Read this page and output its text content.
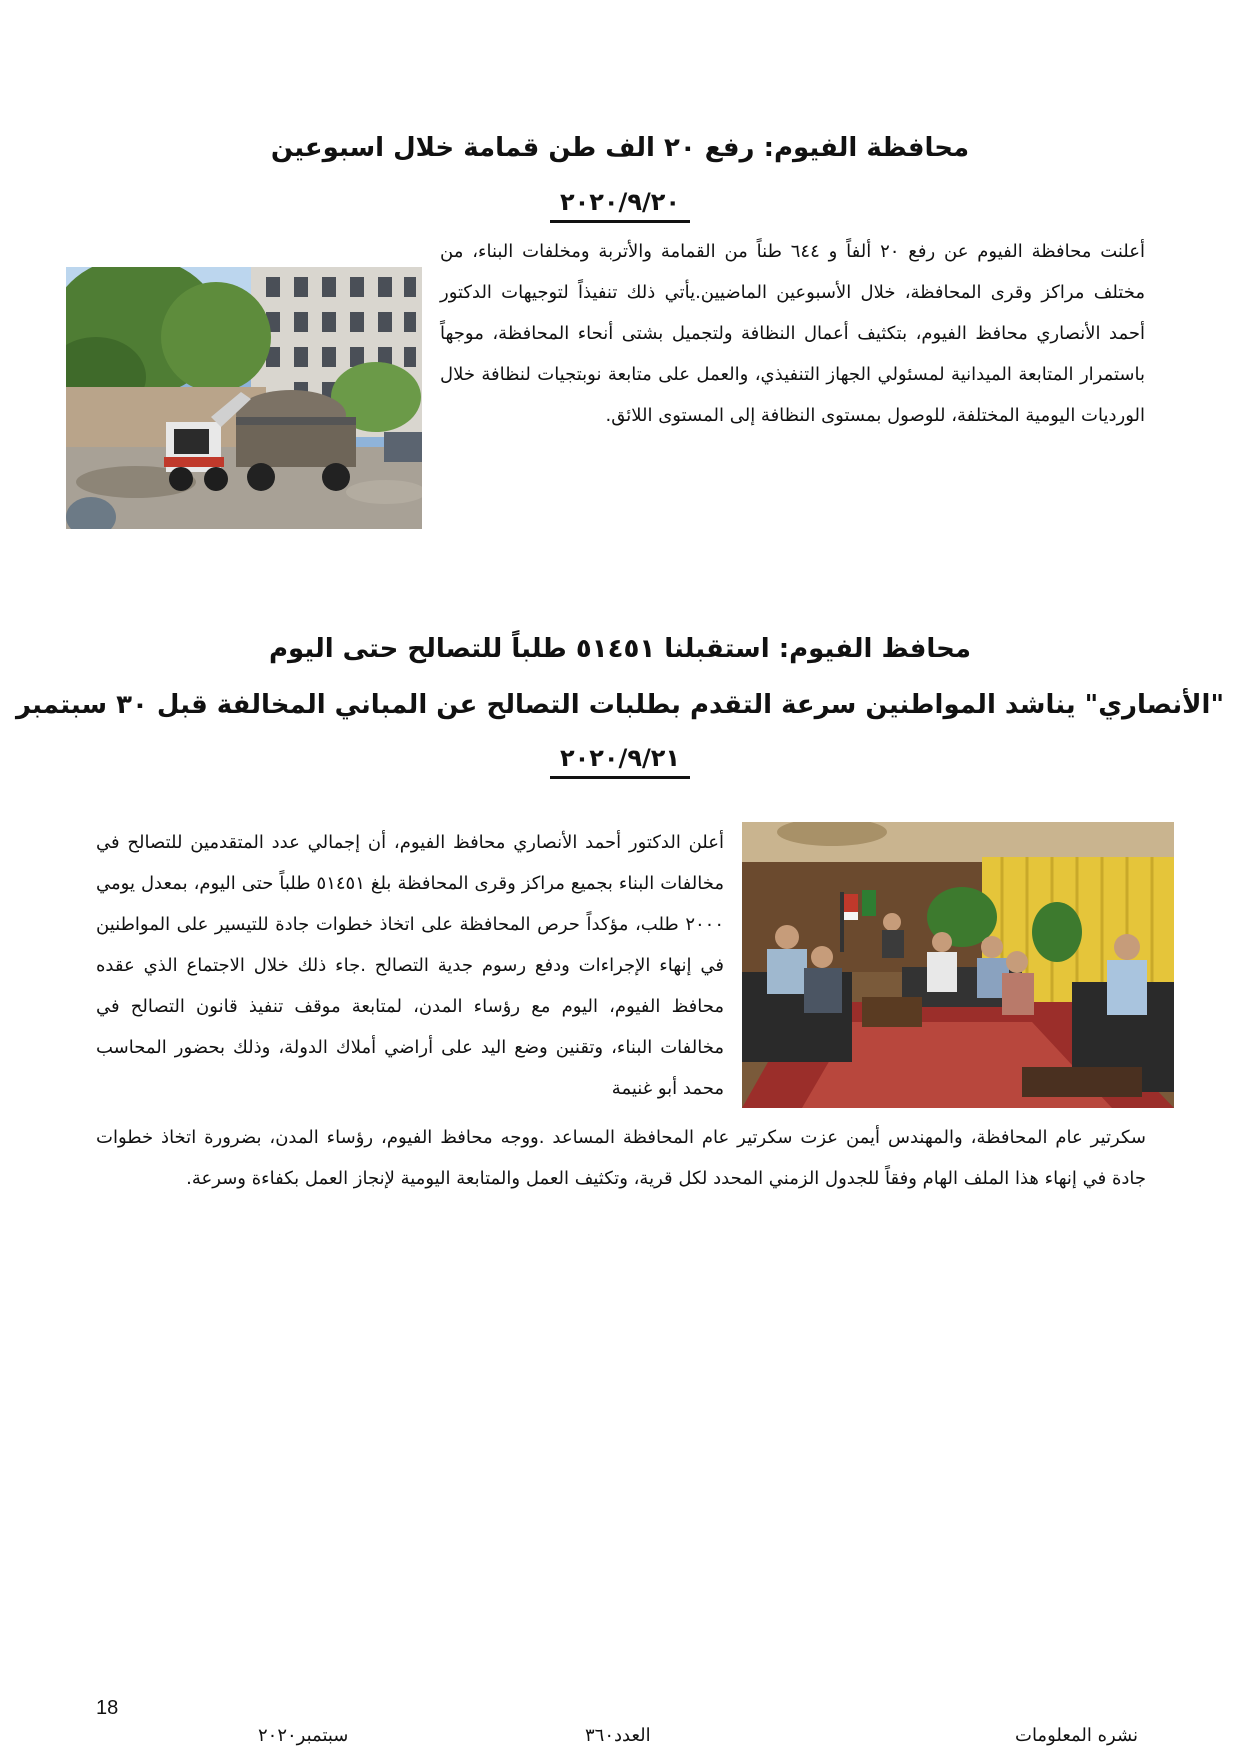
محافظة الفيوم: رفع ٢٠ الف طن قمامة خلال اسبوعين
٢٠٢٠/٩/٢٠
أعلنت محافظة الفيوم عن رفع ٢٠ ألفاً و ٦٤٤ طناً من القمامة والأتربة ومخلفات البناء، من مختلف مراكز وقرى المحافظة، خلال الأسبوعين الماضيين.يأتي ذلك تنفيذاً لتوجيهات الدكتور أحمد الأنصاري محافظ الفيوم، بتكثيف أعمال النظافة ولتجميل بشتى أنحاء المحافظة، موجهاً باستمرار المتابعة الميدانية لمسئولي الجهاز التنفيذي، والعمل على متابعة نوبتجيات لنظافة خلال الورديات اليومية المختلفة، للوصول بمستوى النظافة إلى المستوى اللائق.
محافظ الفيوم: استقبلنا ٥١٤٥١ طلباً للتصالح حتى اليوم
"الأنصاري" يناشد المواطنين سرعة التقدم بطلبات التصالح عن المباني المخالفة قبل ٣٠ سبتمبر
٢٠٢٠/٩/٢١
أعلن الدكتور أحمد الأنصاري محافظ الفيوم، أن إجمالي عدد المتقدمين للتصالح في مخالفات البناء بجميع مراكز وقرى المحافظة بلغ ٥١٤٥١ طلباً حتى اليوم، بمعدل يومي ٢٠٠٠ طلب، مؤكداً حرص المحافظة على اتخاذ خطوات جادة للتيسير على المواطنين في إنهاء الإجراءات ودفع رسوم جدية التصالح .جاء ذلك خلال الاجتماع الذي عقده محافظ الفيوم، اليوم مع رؤساء المدن، لمتابعة موقف تنفيذ قانون التصالح في مخالفات البناء، وتقنين وضع اليد على أراضي أملاك الدولة، وذلك بحضور المحاسب محمد أبو غنيمة
سكرتير عام المحافظة، والمهندس أيمن عزت سكرتير عام المحافظة المساعد .ووجه محافظ الفيوم، رؤساء المدن، بضرورة اتخاذ خطوات جادة في إنهاء هذا الملف الهام وفقاً للجدول الزمني المحدد لكل قرية، وتكثيف العمل والمتابعة اليومية لإنجاز العمل بكفاءة وسرعة.
18
نشره المعلومات
العدد٣٦٠
سبتمبر٢٠٢٠
